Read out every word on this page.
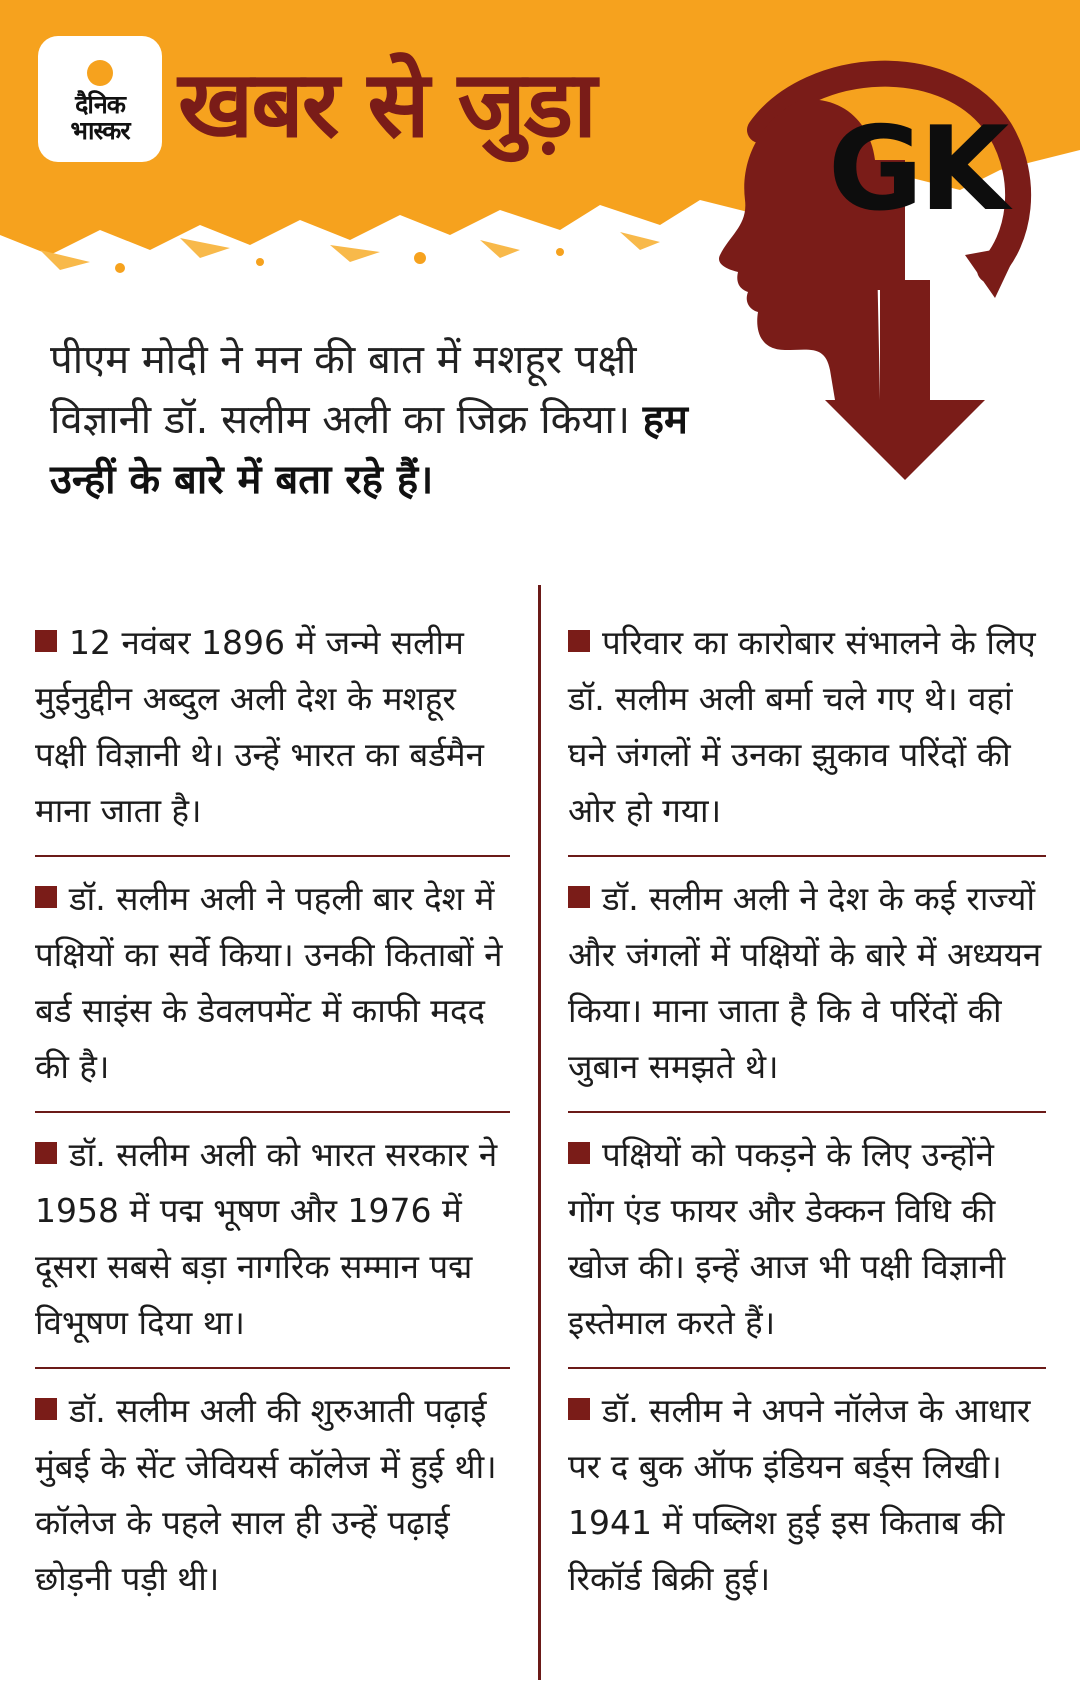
दैनिक
भास्कर खबर से जुड़ा GK
पीएम मोदी ने मन की बात में मशहूर पक्षी विज्ञानी डॉ. सलीम अली का जिक्र किया। हम उन्हीं के बारे में बता रहे हैं।
12 नवंबर 1896 में जन्मे सलीम मुईनुद्दीन अब्दुल अली देश के मशहूर पक्षी विज्ञानी थे। उन्हें भारत का बर्डमैन माना जाता है।
डॉ. सलीम अली ने पहली बार देश में पक्षियों का सर्वे किया। उनकी किताबों ने बर्ड साइंस के डेवलपमेंट में काफी मदद की है।
डॉ. सलीम अली को भारत सरकार ने 1958 में पद्म भूषण और 1976 में दूसरा सबसे बड़ा नागरिक सम्मान पद्म विभूषण दिया था।
डॉ. सलीम अली की शुरुआती पढ़ाई मुंबई के सेंट जेवियर्स कॉलेज में हुई थी। कॉलेज के पहले साल ही उन्हें पढ़ाई छोड़नी पड़ी थी।
परिवार का कारोबार संभालने के लिए डॉ. सलीम अली बर्मा चले गए थे। वहां घने जंगलों में उनका झुकाव परिंदों की ओर हो गया।
डॉ. सलीम अली ने देश के कई राज्यों और जंगलों में पक्षियों के बारे में अध्ययन किया। माना जाता है कि वे परिंदों की जुबान समझते थे।
पक्षियों को पकड़ने के लिए उन्होंने गोंग एंड फायर और डेक्कन विधि की खोज की। इन्हें आज भी पक्षी विज्ञानी इस्तेमाल करते हैं।
डॉ. सलीम ने अपने नॉलेज के आधार पर द बुक ऑफ इंडियन बर्ड्स लिखी। 1941 में पब्लिश हुई इस किताब की रिकॉर्ड बिक्री हुई।
